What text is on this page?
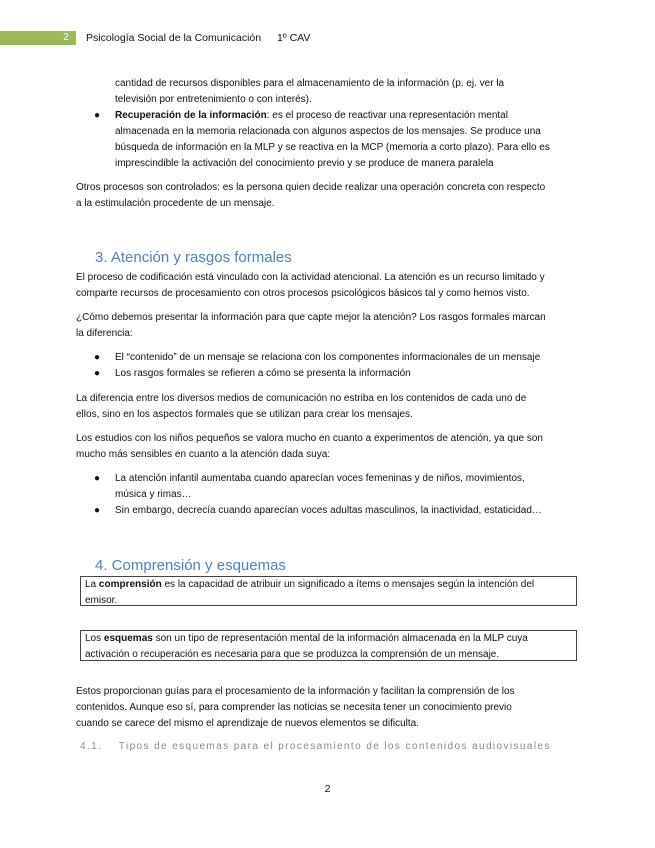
2	Psicología Social de la Comunicación 1º CAV

cantidad de recursos disponibles para el almacenamiento de la información (p. ej. ver la
televisión por entretenimiento o con interés).

● Recuperación de la información: es el proceso de reactivar una representación mental
almacenada en la memoria relacionada con algunos aspectos de los mensajes. Se produce una
búsqueda de información en la MLP y se reactiva en la MCP (memoria a corto plazo). Para ello es
imprescindible la activación del conocimiento previo y se produce de manera paralela

Otros procesos son controlados: es la persona quien decide realizar una operación concreta con respecto
a la estimulación procedente de un mensaje.

3. Atención y rasgos formales

El proceso de codificación está vinculado con la actividad atencional. La atención es un recurso limitado y
comparte recursos de procesamiento con otros procesos psicológicos básicos tal y como hemos visto.

¿Cómo debemos presentar la información para que capte mejor la atención? Los rasgos formales marcan
la diferencia:

● El “contenido” de un mensaje se relaciona con los componentes informacionales de un mensaje

● Los rasgos formales se refieren a cómo se presenta la información

La diferencia entre los diversos medios de comunicación no estriba en los contenidos de cada uno de
ellos, sino en los aspectos formales que se utilizan para crear los mensajes.

Los estudios con los niños pequeños se valora mucho en cuanto a experimentos de atención, ya que son
mucho más sensibles en cuanto a la atención dada suya:

● La atención infantil aumentaba cuando aparecían voces femeninas y de niños, movimientos,
música y rimas…

● Sin embargo, decrecía cuando aparecían voces adultas masculinos, la inactividad, estaticidad…

4. Comprensión y esquemas
La comprensión es la capacidad de atribuir un significado a ítems o mensajes según la intención del
emisor.
Los esquemas son un tipo de representación mental de la información almacenada en la MLP cuya
activación o recuperación es necesaria para que se produzca la comprensión de un mensaje.

Estos proporcionan guías para el procesamiento de la información y facilitan la comprensión de los
contenidos. Aunque eso sí, para comprender las noticias se necesita tener un conocimiento previo
cuando se carece del mismo el aprendizaje de nuevos elementos se dificulta.

4.1.    Tipos de esquemas para el procesamiento de los contenidos audiovisuales
2
